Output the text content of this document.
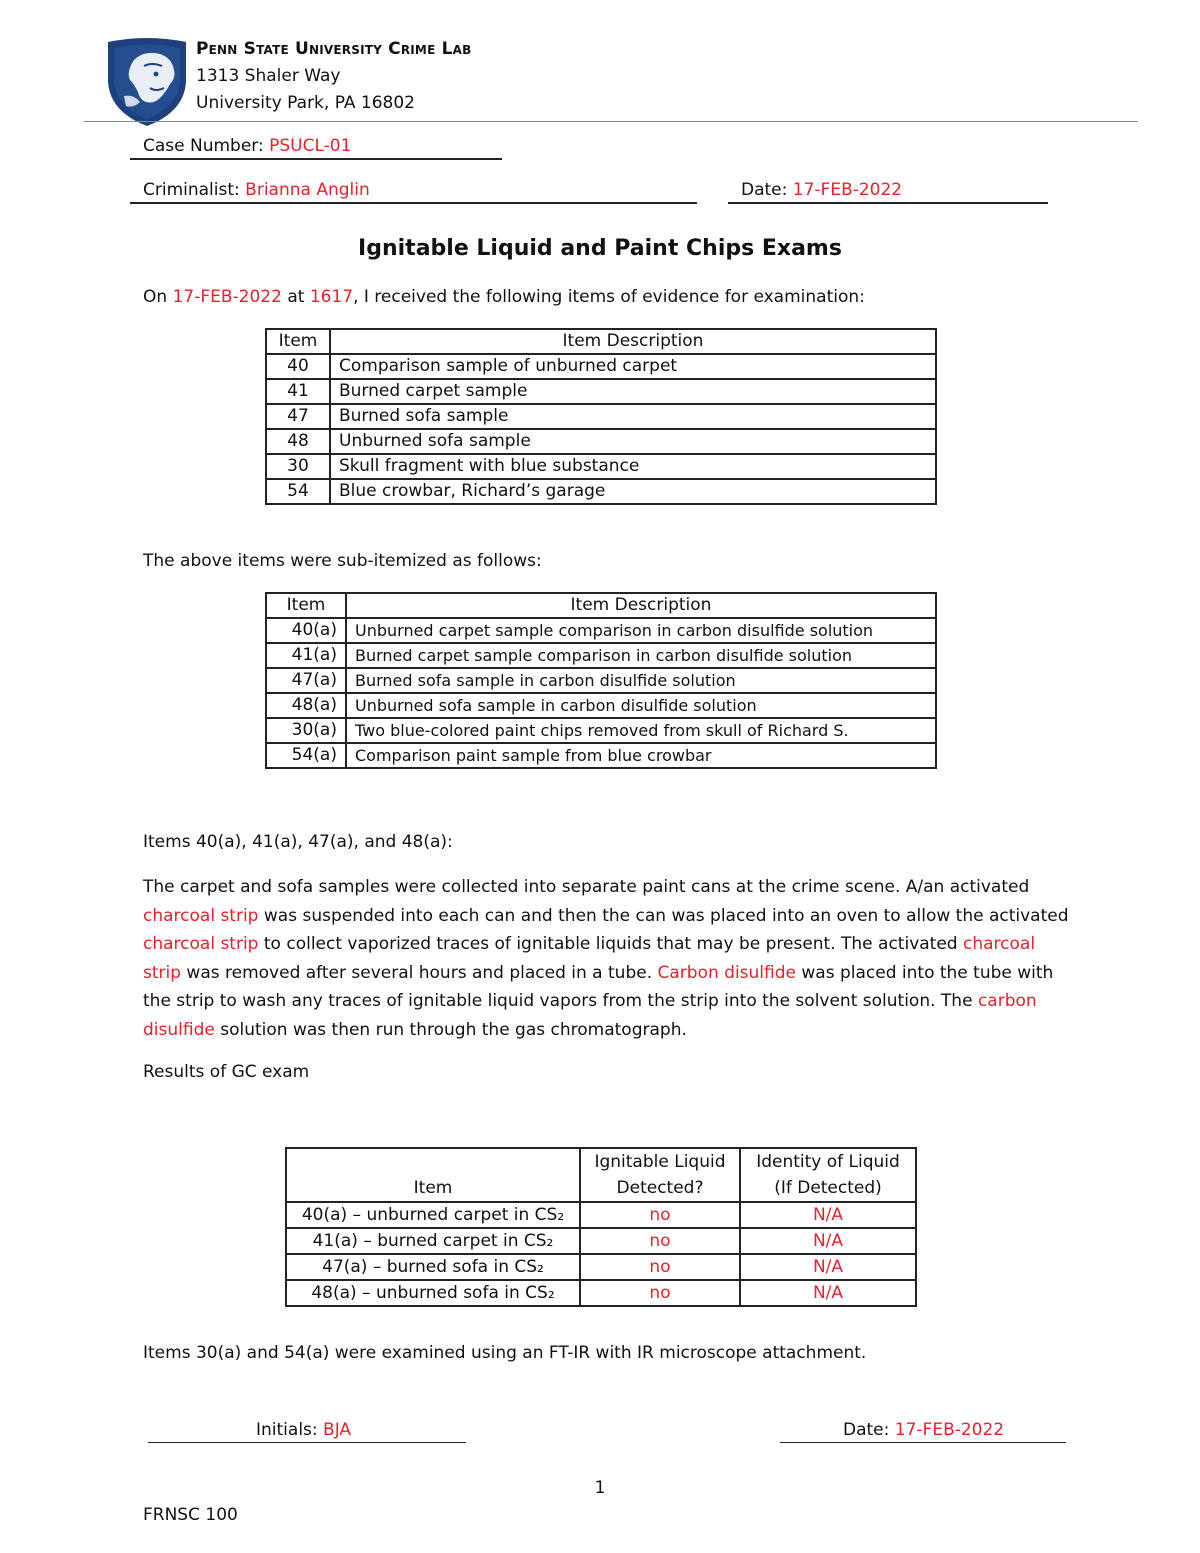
Penn State University Crime Lab
1313 Shaler Way
University Park, PA 16802
Case Number: PSUCL-01
Criminalist: Brianna Anglin	Date: 17-FEB-2022
Ignitable Liquid and Paint Chips Exams
On 17-FEB-2022 at 1617, I received the following items of evidence for examination:
Item	Item Description
40	Comparison sample of unburned carpet
41	Burned carpet sample
47	Burned sofa sample
48	Unburned sofa sample
30	Skull fragment with blue substance
54	Blue crowbar, Richard’s garage
The above items were sub-itemized as follows:
Item	Item Description
40(a)	Unburned carpet sample comparison in carbon disulfide solution
41(a)	Burned carpet sample comparison in carbon disulfide solution
47(a)	Burned sofa sample in carbon disulfide solution
48(a)	Unburned sofa sample in carbon disulfide solution
30(a)	Two blue-colored paint chips removed from skull of Richard S.
54(a)	Comparison paint sample from blue crowbar
Items 40(a), 41(a), 47(a), and 48(a):
The carpet and sofa samples were collected into separate paint cans at the crime scene. A/an activated charcoal strip was suspended into each can and then the can was placed into an oven to allow the activated charcoal strip to collect vaporized traces of ignitable liquids that may be present. The activated charcoal strip was removed after several hours and placed in a tube. Carbon disulfide was placed into the tube with the strip to wash any traces of ignitable liquid vapors from the strip into the solvent solution. The carbon disulfide solution was then run through the gas chromatograph.
Results of GC exam
Item	Ignitable Liquid Detected?	Identity of Liquid (If Detected)
40(a) – unburned carpet in CS₂	no	N/A
41(a) – burned carpet in CS₂	no	N/A
47(a) – burned sofa in CS₂	no	N/A
48(a) – unburned sofa in CS₂	no	N/A
Items 30(a) and 54(a) were examined using an FT-IR with IR microscope attachment.
Initials: BJA	Date: 17-FEB-2022
1
FRNSC 100
